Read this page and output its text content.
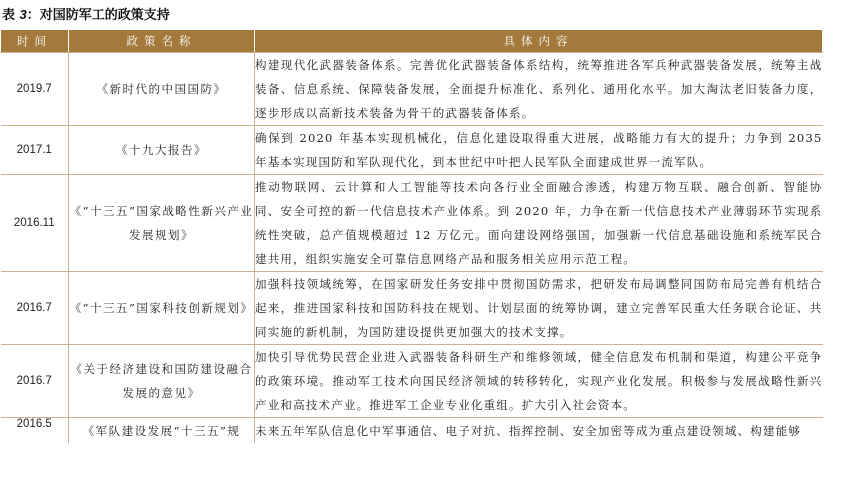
表 3：对国防军工的政策支持
时间	政策名称	具体内容
2019.7	《新时代的中国国防》	构建现代化武器装备体系。完善优化武器装备体系结构，统筹推进各军兵种武器装备发展，统筹主战装备、信息系统、保障装备发展，全面提升标准化、系列化、通用化水平。加大淘汰老旧装备力度，逐步形成以高新技术装备为骨干的武器装备体系。
2017.1	《十九大报告》	确保到 2020 年基本实现机械化，信息化建设取得重大进展，战略能力有大的提升；力争到 2035 年基本实现国防和军队现代化，到本世纪中叶把人民军队全面建成世界一流军队。
2016.11	《“十三五”国家战略性新兴产业发展规划》	推动物联网、云计算和人工智能等技术向各行业全面融合渗透，构建万物互联、融合创新、智能协同、安全可控的新一代信息技术产业体系。到 2020 年，力争在新一代信息技术产业薄弱环节实现系统性突破，总产值规模超过 12 万亿元。面向建设网络强国，加强新一代信息基础设施和系统军民合建共用，组织实施安全可靠信息网络产品和服务相关应用示范工程。
2016.7	《“十三五”国家科技创新规划》	加强科技领域统筹，在国家研发任务安排中贯彻国防需求，把研发布局调整同国防布局完善有机结合起来，推进国家科技和国防科技在规划、计划层面的统筹协调，建立完善军民重大任务联合论证、共同实施的新机制，为国防建设提供更加强大的技术支撑。
2016.7	《关于经济建设和国防建设融合发展的意见》	加快引导优势民营企业进入武器装备科研生产和维修领域，健全信息发布机制和渠道，构建公平竞争的政策环境。推动军工技术向国民经济领域的转移转化，实现产业化发展。积极参与发展战略性新兴产业和高技术产业。推进军工企业专业化重组。扩大引入社会资本。
2016.5	《军队建设发展“十三五”规	未来五年军队信息化中军事通信、电子对抗、指挥控制、安全加密等成为重点建设领域、构建能够
